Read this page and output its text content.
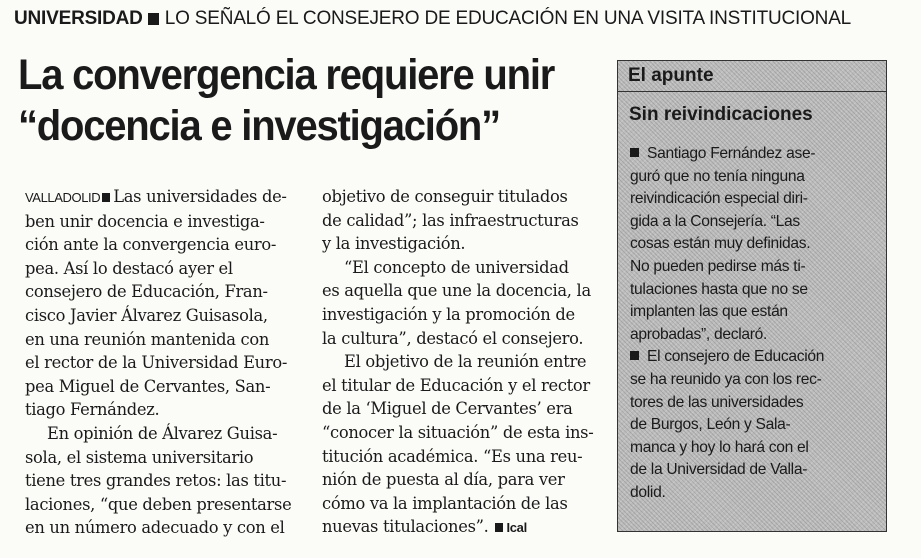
UNIVERSIDAD LO SEÑALÓ EL CONSEJERO DE EDUCACIÓN EN UNA VISITA INSTITUCIONAL
La convergencia requiere unir
“docencia e investigación”
VALLADOLID Las universidades de-
ben unir docencia e investiga-
ción ante la convergencia euro-
pea. Así lo destacó ayer el
consejero de Educación, Fran-
cisco Javier Álvarez Guisasola,
en una reunión mantenida con
el rector de la Universidad Euro-
pea Miguel de Cervantes, San-
tiago Fernández.
En opinión de Álvarez Guisa-
sola, el sistema universitario
tiene tres grandes retos: las titu-
laciones, “que deben presentarse
en un número adecuado y con el
objetivo de conseguir titulados
de calidad”; las infraestructuras
y la investigación.
“El concepto de universidad
es aquella que une la docencia, la
investigación y la promoción de
la cultura”, destacó el consejero.
El objetivo de la reunión entre
el titular de Educación y el rector
de la ‘Miguel de Cervantes’ era
“conocer la situación” de esta ins-
titución académica. “Es una reu-
nión de puesta al día, para ver
cómo va la implantación de las
nuevas titulaciones”. Ical
El apunte
Sin reivindicaciones
Santiago Fernández ase-
guró que no tenía ninguna
reivindicación especial diri-
gida a la Consejería. “Las
cosas están muy definidas.
No pueden pedirse más ti-
tulaciones hasta que no se
implanten las que están
aprobadas”, declaró.
El consejero de Educación
se ha reunido ya con los rec-
tores de las universidades
de Burgos, León y Sala-
manca y hoy lo hará con el
de la Universidad de Valla-
dolid.
